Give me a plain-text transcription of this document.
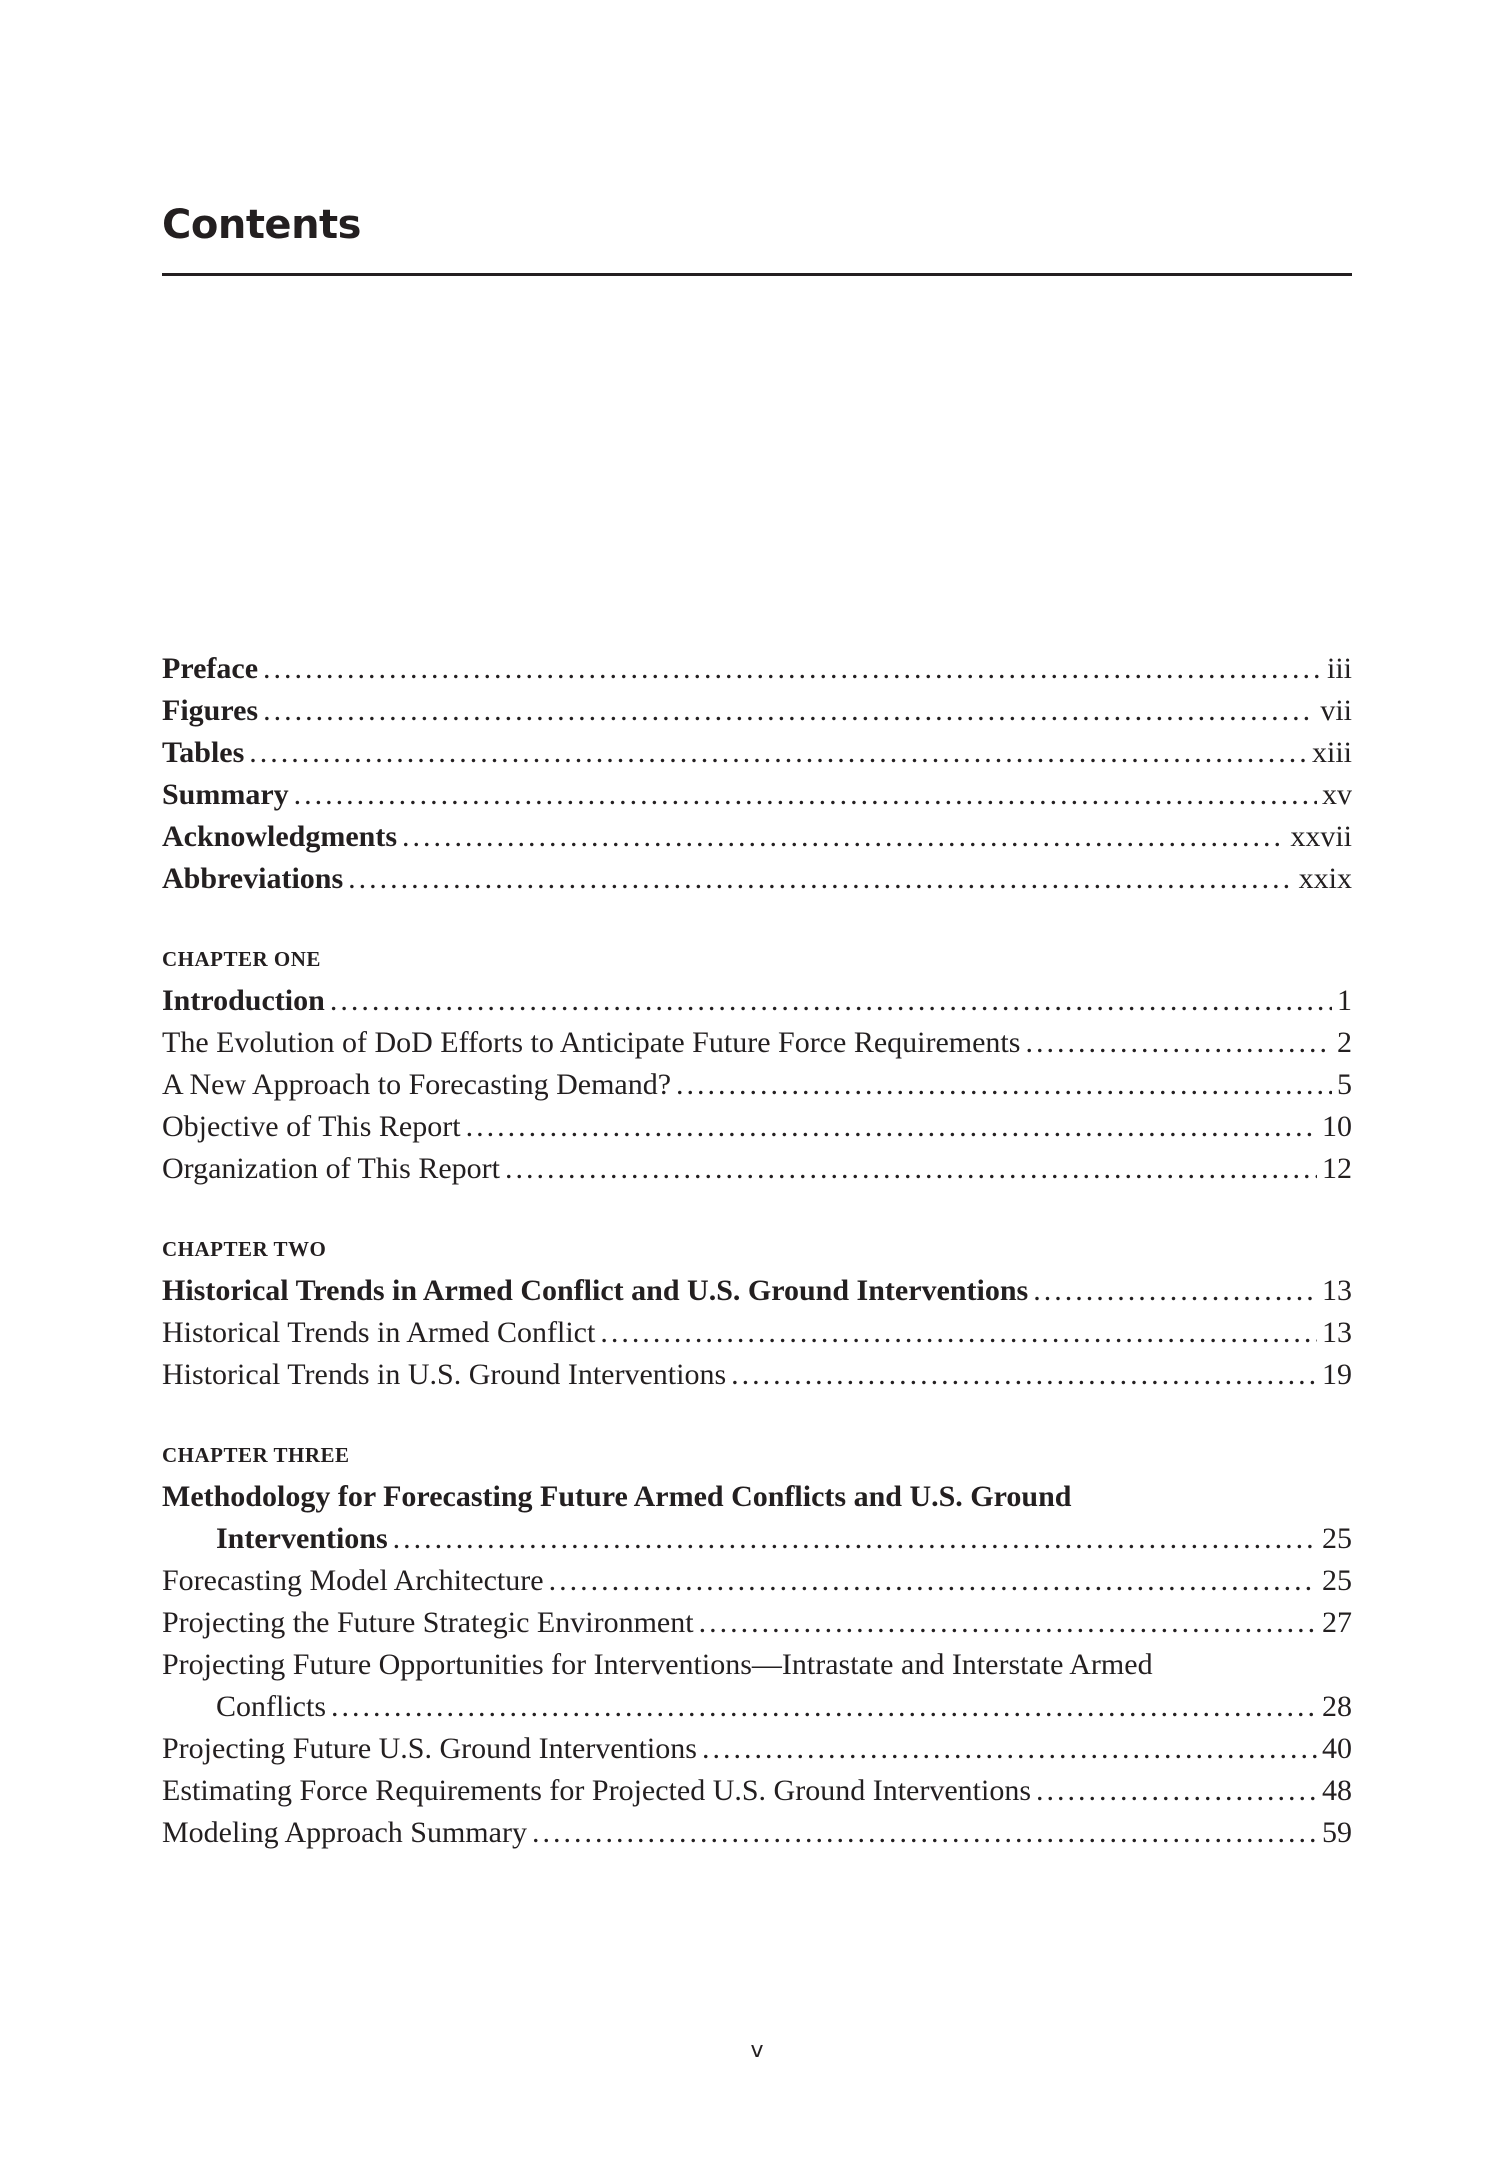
Contents
Preface .....	iii
Figures .....	vii
Tables .....	xiii
Summary .....	xv
Acknowledgments .....	xxvii
Abbreviations .....	xxix
CHAPTER ONE
Introduction .....	1
The Evolution of DoD Efforts to Anticipate Future Force Requirements .....	2
A New Approach to Forecasting Demand? .....	5
Objective of This Report .....	10
Organization of This Report .....	12
CHAPTER TWO
Historical Trends in Armed Conflict and U.S. Ground Interventions .....	13
Historical Trends in Armed Conflict .....	13
Historical Trends in U.S. Ground Interventions .....	19
CHAPTER THREE
Methodology for Forecasting Future Armed Conflicts and U.S. Ground
Interventions .....	25
Forecasting Model Architecture .....	25
Projecting the Future Strategic Environment .....	27
Projecting Future Opportunities for Interventions—Intrastate and Interstate Armed
Conflicts .....	28
Projecting Future U.S. Ground Interventions .....	40
Estimating Force Requirements for Projected U.S. Ground Interventions .....	48
Modeling Approach Summary .....	59
v
